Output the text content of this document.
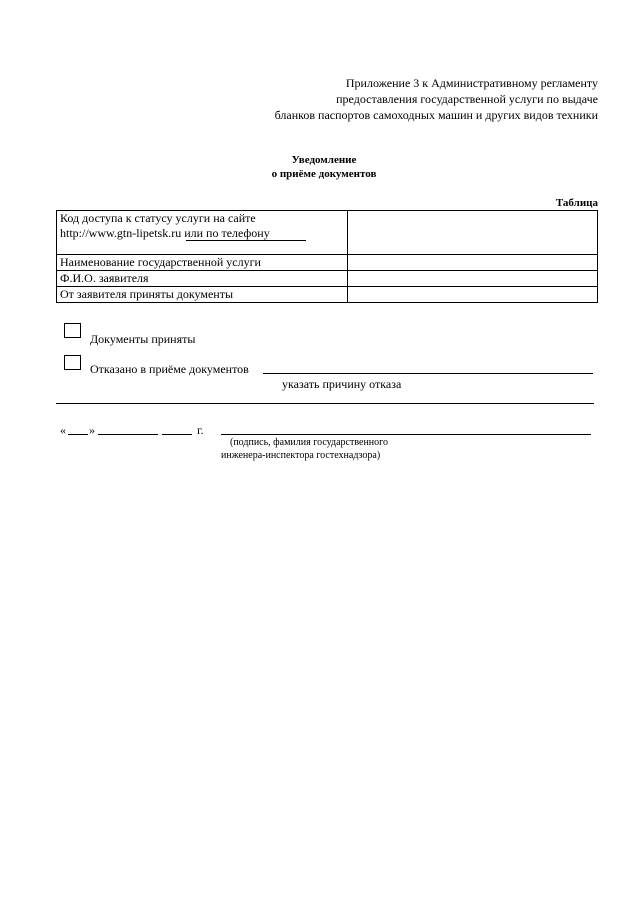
Приложение 3 к Административному регламенту
предоставления государственной услуги по выдаче
бланков паспортов самоходных машин и других видов техники
Уведомление
о приёме документов
Таблица
Код доступа к статусу услуги на сайте
http://www.gtn-lipetsk.ru или по телефону	

Наименование государственной услуги	
Ф.И.О. заявителя	
От заявителя приняты документы	
Документы приняты
Отказано в приёме документов
указать причину отказа
« »	г.
(подпись, фамилия государственного
инженера-инспектора гостехнадзора)
